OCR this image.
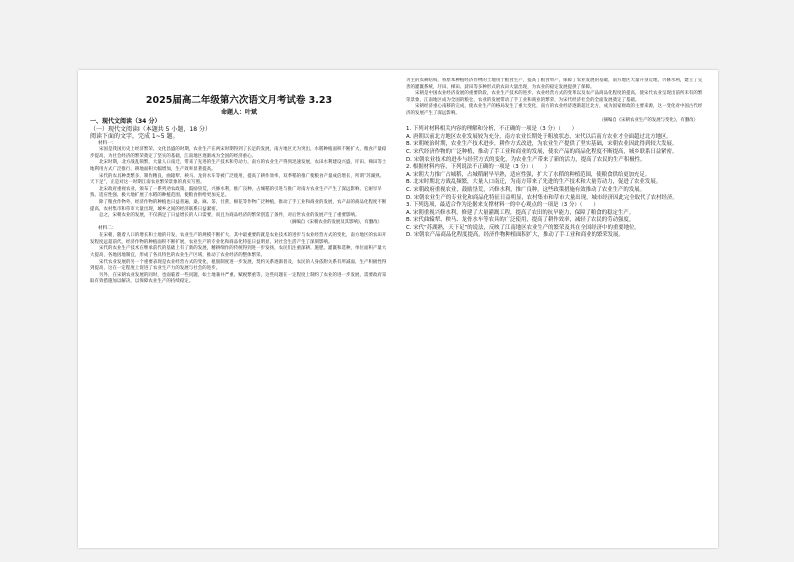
2025届高二年级第六次语文月考试卷 3.23
命题人：叶斌
一、现代文阅读（34 分）
（一）现代文阅读Ⅰ（本题共 5 小题，18 分）
阅读下面的文字，完成 1~5 题。
材料一：

宋国是我国历史上经济繁荣、文化昌盛的时期，农业生产在两宋时期得到了长足的发展，南方地区尤为突出，水稻种植面积不断扩大，粮食产量稳步提高，为社会经济的繁荣奠定了坚实的基础，江南地区逐渐成为全国的经济重心。

北宋时期，北方战乱频繁，大量人口南迁，带来了先进的生产技术和劳动力，南方的农业生产得到迅速发展，农田水利建设兴盛，圩田、梯田等土地利用方式广泛推行，耕地面积大幅增加，生产效率显著提高。

宋代的农具种类繁多，制作精良，曲辕犁、秧马、龙骨水车等被广泛使用，提高了耕作效率，双季稻的推广使粮食产量成倍增长，所谓“苏湖熟，天下足”，正是对这一时期江南农业繁荣景象的真实写照。

北宋政府重视农业，颁布了一系列劝农政策，鼓励垦荒，兴修水利，推广良种，占城稻的引进与推广对南方农业生产产生了深远影响，它耐旱早熟、适应性强，极大地扩展了水稻的种植范围，使粮食供给更加充足。

除了粮食作物外，经济作物的种植也日益普遍，桑、麻、茶、甘蔗、棉花等作物广泛种植，推动了手工业和商业的发展，农产品的商品化程度不断提高，农村集市和草市大量出现，城乡之间的经济联系日益紧密。

总之，宋朝农业的发展，不仅满足了日益增长的人口需要，而且为商品经济的繁荣创造了条件，对后世农业的发展产生了重要影响。

（摘编自《宋朝农业的发展及其影响》，有删改）

材料二：

在宋朝，随着人口的增长和土地的开发，农业生产的规模不断扩大，其中最重要的就是农业技术的进步与农业经营方式的变化，南方地区的农田开发程度远超前代，经济作物的种植面积不断扩展，农业生产的专业化和商品化特征日益明显，对社会生活产生了深刻影响。

宋代的农业生产技术在继承前代的基础上有了新的发展，精耕细作的传统得到进一步发扬，农民们注重深耕、施肥、灌溉和选种，单位面积产量大大提高，各地因地制宜，形成了各具特色的农业生产区域，推动了农业经济的整体繁荣。

宋代农业发展的另一个重要表现是农业经营方式的变化，租佃制度进一步发展，契约关系逐渐普及，农民的人身依附关系有所减弱，生产积极性得到提高，这在一定程度上促进了农业生产力的发展与社会的进步。

另外，在宋朝农业发展的同时，也面临着一些问题，如土地兼并严重、赋税繁重等，这些问题在一定程度上制约了农业的进一步发展，需要政府采取有效措施加以解决，以保障农业生产的持续稳定。

为主的农耕结构，将原本种植经济作物的土地用于粮食生产，提高了粮食单产，保障了农业发展的基础，南方地区大量开垦荒地，兴修水利，建立了完善的灌溉系统，圩田、梯田、葑田等多种形式的农田大量出现，为农业的稳定发展提供了保障。

宋朝是中国农业经济发展的重要阶段，农业生产技术的进步、农业经营方式的变革以及农产品商品化程度的提高，使宋代农业呈现出前所未有的繁荣景象，江南地区成为全国的粮仓，农业的发展带动了手工业和商业的繁荣，为宋代经济社会的全面发展奠定了基础。

宋朝经济重心南移的完成，使农业生产的格局发生了重大变化，南方的农业经济逐渐超过北方，成为国家财政的主要来源，这一变化对中国古代经济的发展产生了深远影响。

（摘编自《宋朝农业生产的发展与变化》，有删改）

1. 下列对材料相关内容的理解和分析，不正确的一项是（3 分）（　　）

A. 唐朝以前北方地区农业发展较为充分，南方农业长期处于粗放状态，宋代以后南方农业才全面超过北方地区。

B. 宋朝统治时期，农业生产技术进步，耕作方式改进，为农业生产提供了坚实基础，宋朝农业因此得到较大发展。

C. 宋代经济作物的广泛种植，推动了手工业和商业的发展，使农产品的商品化程度不断提高，城乡联系日益紧密。

D. 宋朝农业技术的进步与经营方式的变化，为农业生产带来了新的活力，提高了农民的生产积极性。

2. 根据材料内容，下列说法不正确的一项是（3 分）（　　）

A. 宋朝大力推广占城稻，占城稻耐旱早熟，适应性强，扩大了水稻的种植范围，使粮食供给更加充足。

B. 北宋时期北方战乱频繁，大量人口南迁，为南方带来了先进的生产技术和大量劳动力，促进了农业发展。

C. 宋朝政府重视农业，鼓励垦荒，兴修水利，推广良种，这些政策措施有效推动了农业生产的发展。

D. 宋朝农业生产的专业化和商品化特征日益明显，农村集市和草市大量出现，城市经济因此完全取代了农村经济。

3. 下列选项，最适合作为论据来支撑材料一的中心观点的一项是（3 分）（　　）

A. 宋朝重视兴修水利，修建了大量灌溉工程，提高了农田的抗旱能力，保障了粮食的稳定生产。

B. 宋代曲辕犁、秧马、龙骨水车等农具的广泛使用，提高了耕作效率，减轻了农民的劳动强度。

C. 宋代“苏湖熟，天下足”的说法，反映了江南地区农业生产的繁荣及其在全国经济中的重要地位。

D. 宋朝农产品商品化程度提高，经济作物种植面积扩大，推动了手工业和商业的繁荣发展。
